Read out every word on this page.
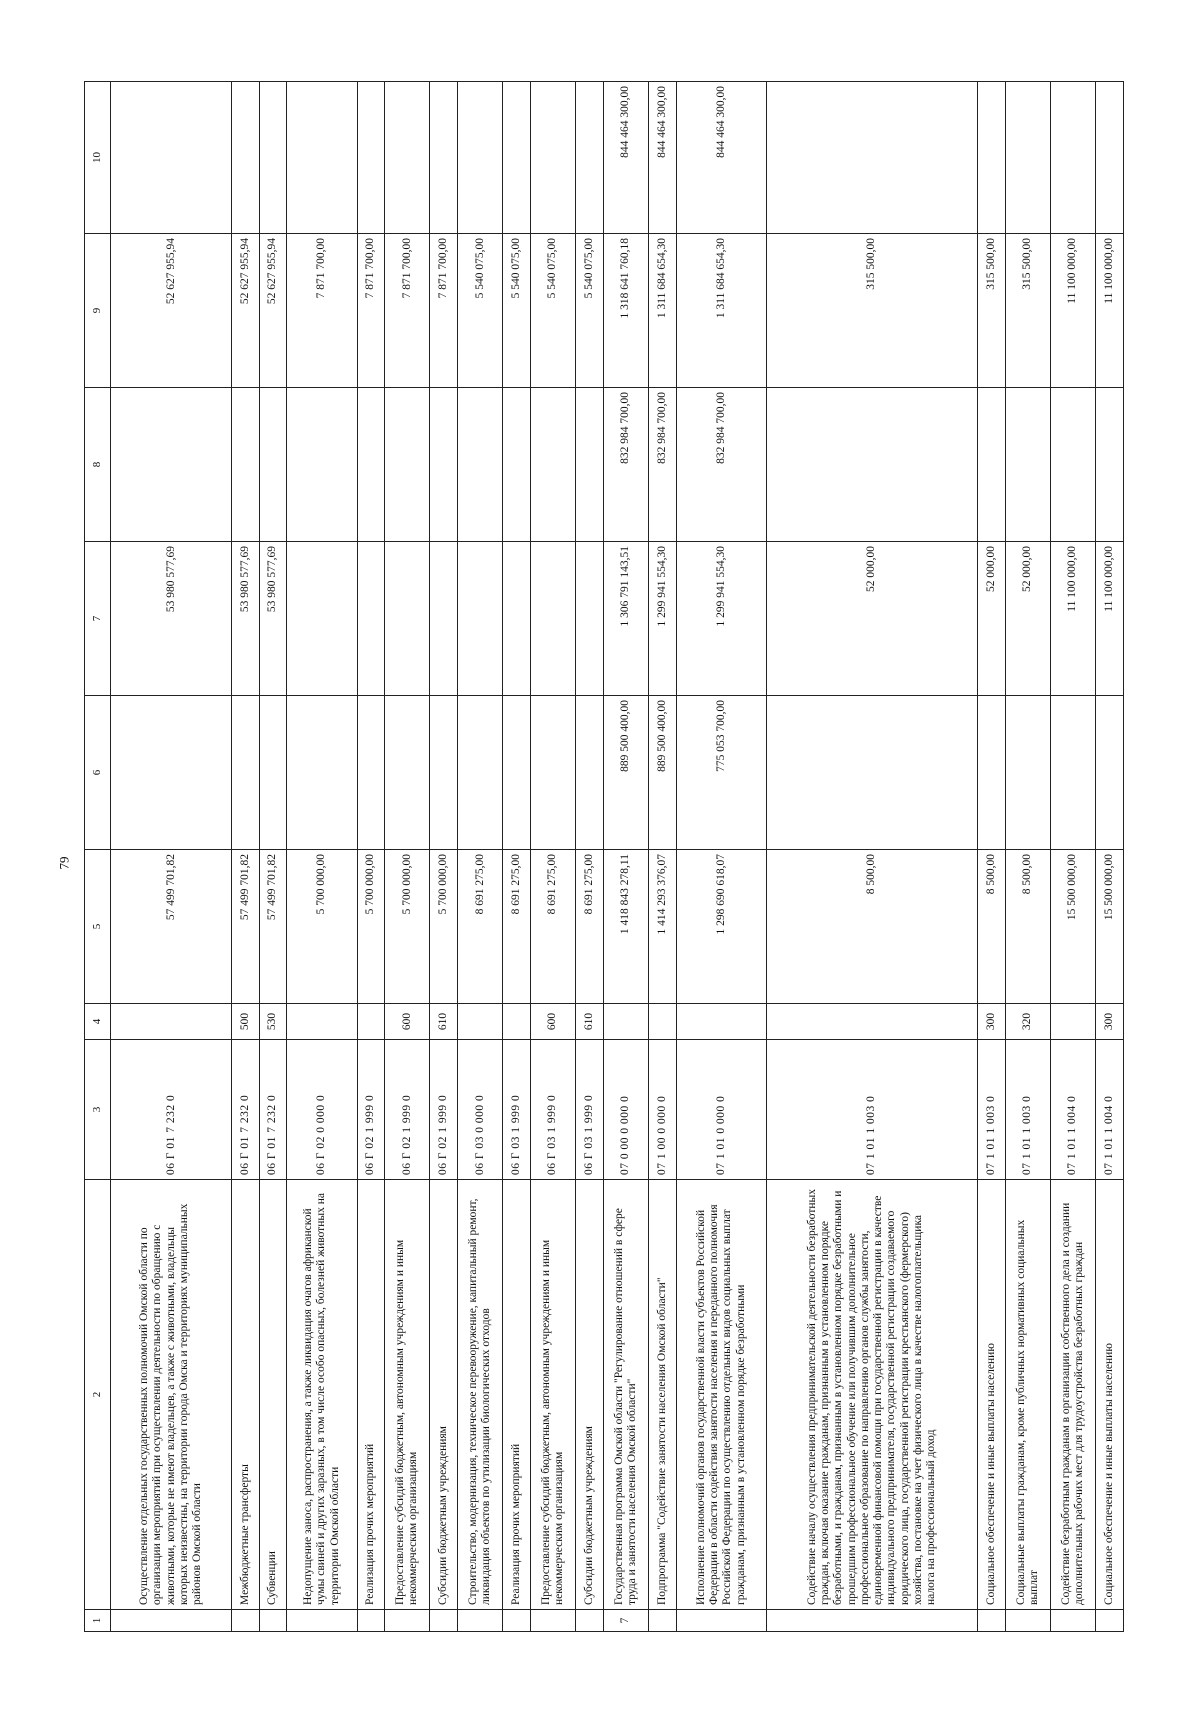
79
1	2	3	4	5	6	7	8	9	10
	Осуществление отдельных государственных полномочий Омской области по организации мероприятий при осуществлении деятельности по обращению с животными, которые не имеют владельцев, а также с животными, владельцы которых неизвестны, на территории города Омска и территориях муниципальных районов Омской области	06 Г 01 7 232 0		57 499 701,82		53 980 577,69		52 627 955,94	
	Межбюджетные трансферты	06 Г 01 7 232 0	500	57 499 701,82		53 980 577,69		52 627 955,94	
	Субвенции	06 Г 01 7 232 0	530	57 499 701,82		53 980 577,69		52 627 955,94	
	Недопущение заноса, распространения, а также ликвидация очагов африканской чумы свиней и других заразных, в том числе особо опасных, болезней животных на территории Омской области	06 Г 02 0 000 0		5 700 000,00				7 871 700,00	
	Реализация прочих мероприятий	06 Г 02 1 999 0		5 700 000,00				7 871 700,00	
	Предоставление субсидий бюджетным, автономным учреждениям и иным некоммерческим организациям	06 Г 02 1 999 0	600	5 700 000,00				7 871 700,00	
	Субсидии бюджетным учреждениям	06 Г 02 1 999 0	610	5 700 000,00				7 871 700,00	
	Строительство, модернизация, техническое перевооружение, капитальный ремонт, ликвидация объектов по утилизации биологических отходов	06 Г 03 0 000 0		8 691 275,00				5 540 075,00	
	Реализация прочих мероприятий	06 Г 03 1 999 0		8 691 275,00				5 540 075,00	
	Предоставление субсидий бюджетным, автономным учреждениям и иным некоммерческим организациям	06 Г 03 1 999 0	600	8 691 275,00				5 540 075,00	
	Субсидии бюджетным учреждениям	06 Г 03 1 999 0	610	8 691 275,00				5 540 075,00	
7	Государственная программа Омской области "Регулирование отношений в сфере труда и занятости населения Омской области"	07 0 00 0 000 0		1 418 843 278,11	889 500 400,00	1 306 791 143,51	832 984 700,00	1 318 641 760,18	844 464 300,00
	Подпрограмма "Содействие занятости населения Омской области"	07 1 00 0 000 0		1 414 293 376,07	889 500 400,00	1 299 941 554,30	832 984 700,00	1 311 684 654,30	844 464 300,00
	Исполнение полномочий органов государственной власти субъектов Российской Федерации в области содействия занятости населения и переданного полномочия Российской Федерации по осуществлению отдельных видов социальных выплат гражданам, признанным в установленном порядке безработными	07 1 01 0 000 0		1 298 690 618,07	775 053 700,00	1 299 941 554,30	832 984 700,00	1 311 684 654,30	844 464 300,00
	Содействие началу осуществления предпринимательской деятельности безработных граждан, включая оказание гражданам, признанным в установленном порядке безработными, и гражданам, признанным в установленном порядке безработными и прошедшим профессиональное обучение или получившим дополнительное профессиональное образование по направлению органов службы занятости, единовременной финансовой помощи при государственной регистрации в качестве индивидуального предпринимателя, государственной регистрации создаваемого юридического лица, государственной регистрации крестьянского (фермерского) хозяйства, постановке на учет физического лица в качестве налогоплательщика налога на профессиональный доход	07 1 01 1 003 0		8 500,00		52 000,00		315 500,00	
	Социальное обеспечение и иные выплаты населению	07 1 01 1 003 0	300	8 500,00		52 000,00		315 500,00	
	Социальные выплаты гражданам, кроме публичных нормативных социальных выплат	07 1 01 1 003 0	320	8 500,00		52 000,00		315 500,00	
	Содействие безработным гражданам в организации собственного дела и создании дополнительных рабочих мест для трудоустройства безработных граждан	07 1 01 1 004 0		15 500 000,00		11 100 000,00		11 100 000,00	
	Социальное обеспечение и иные выплаты населению	07 1 01 1 004 0	300	15 500 000,00		11 100 000,00		11 100 000,00	
